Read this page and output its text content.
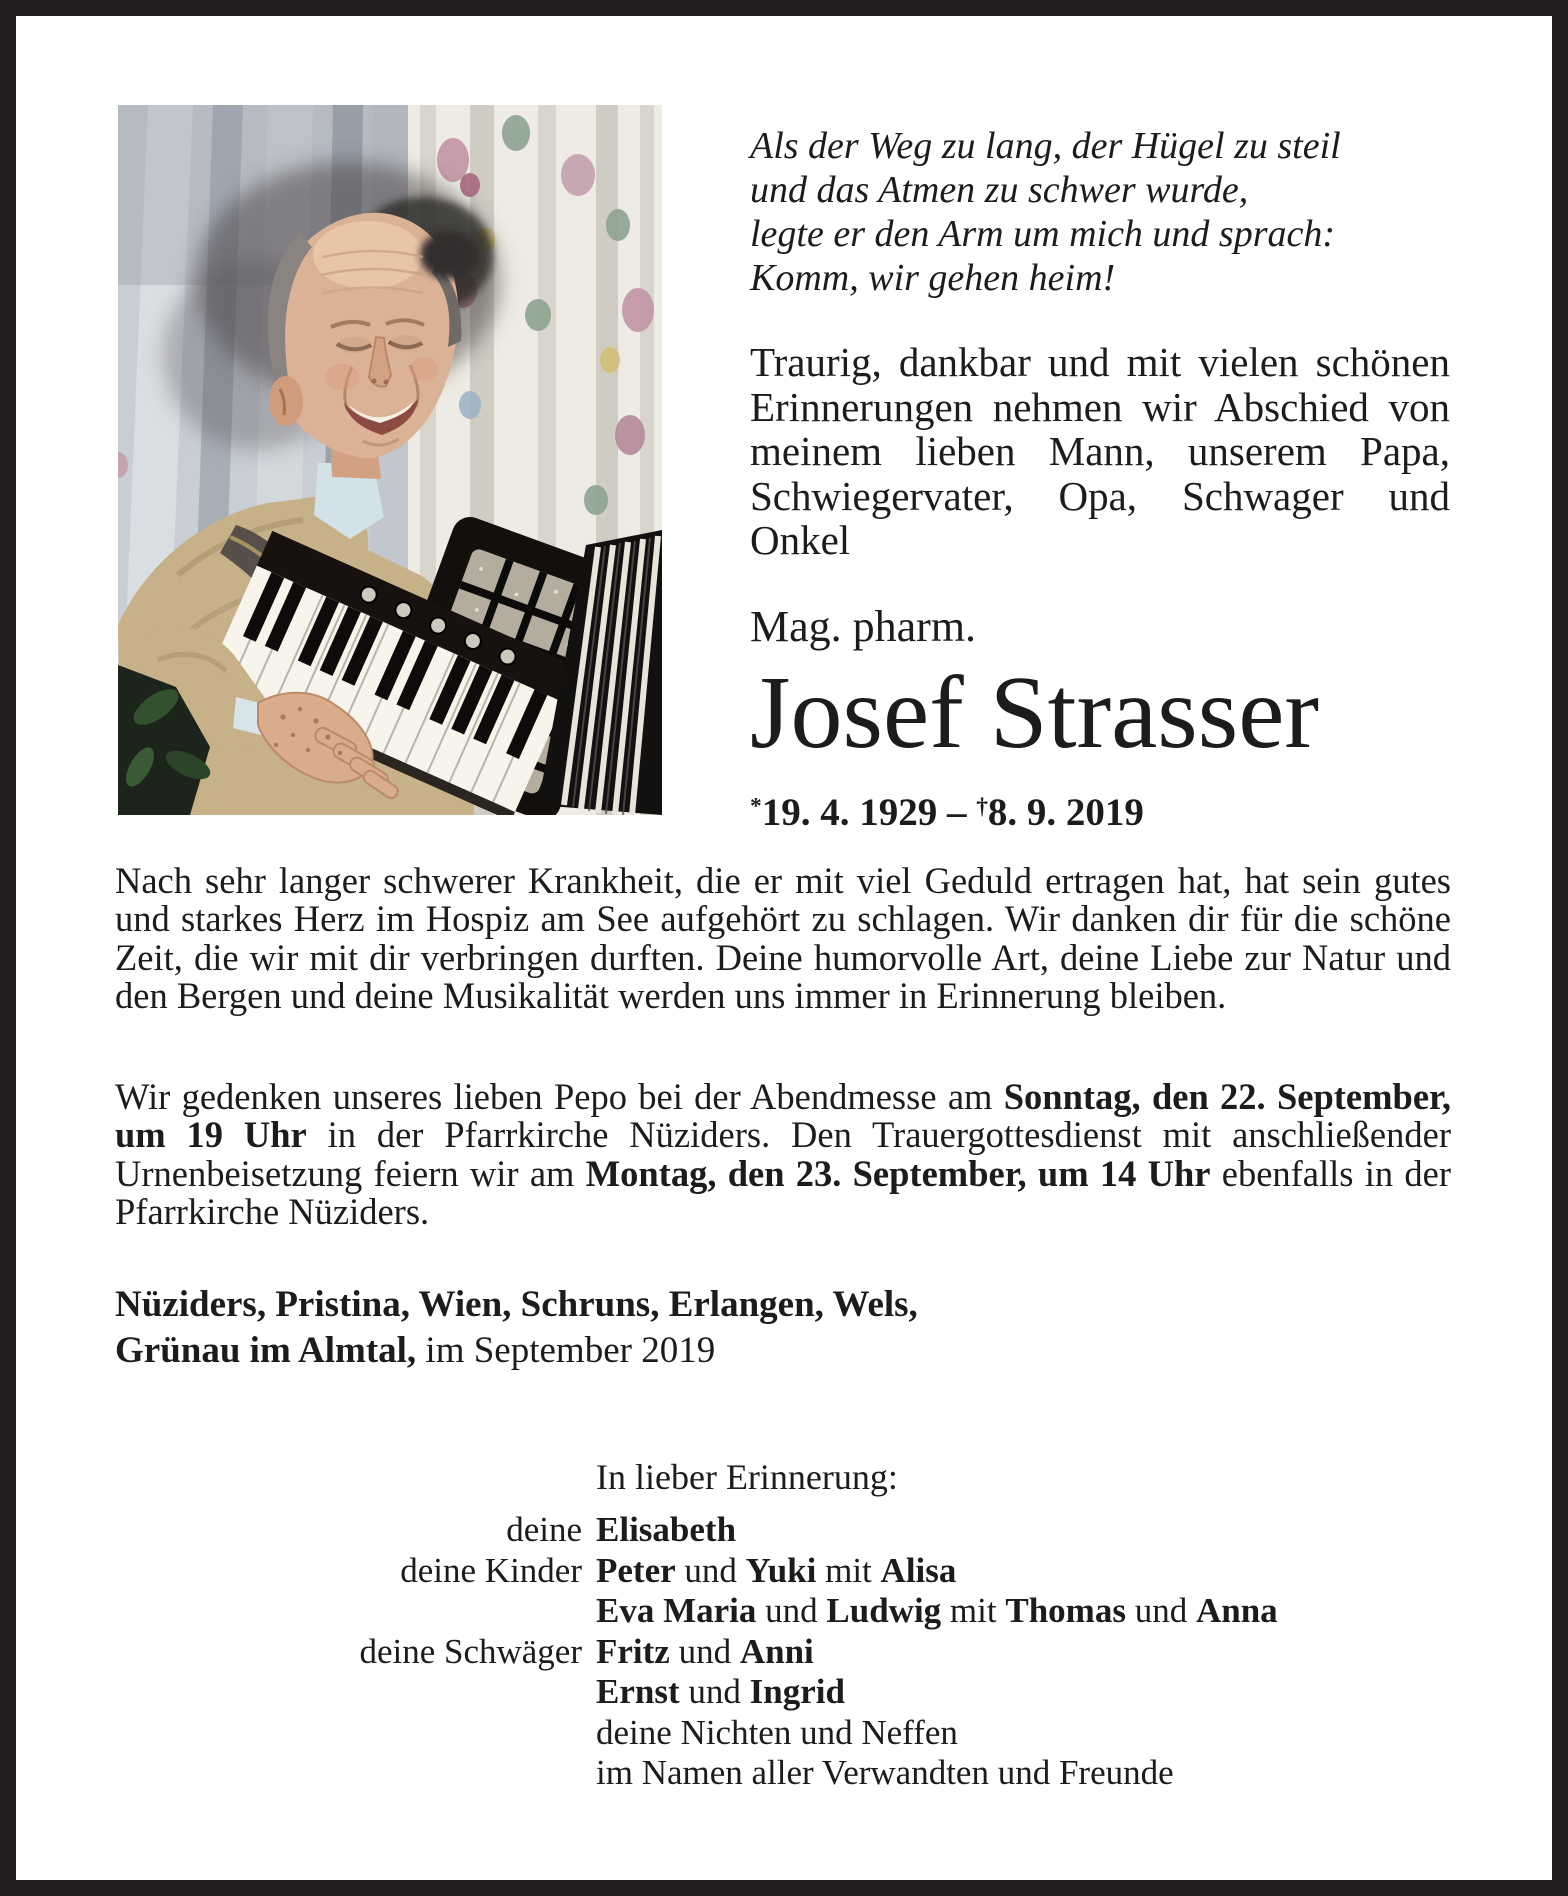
Als der Weg zu lang, der Hügel zu steil
und das Atmen zu schwer wurde,
legte er den Arm um mich und sprach:
Komm, wir gehen heim!

Traurig, dankbar und mit vielen schönen Erinnerungen nehmen wir Abschied von meinem lieben Mann, unserem Papa, Schwiegervater, Opa, Schwager und Onkel

Mag. pharm.
Josef Strasser
*19. 4. 1929 – †8. 9. 2019

Nach sehr langer schwerer Krankheit, die er mit viel Geduld ertragen hat, hat sein gutes und starkes Herz im Hospiz am See aufgehört zu schlagen. Wir danken dir für die schöne Zeit, die wir mit dir verbringen durften. Deine humorvolle Art, deine Liebe zur Natur und den Bergen und deine Musikalität werden uns immer in Erinnerung bleiben.

Wir gedenken unseres lieben Pepo bei der Abendmesse am Sonntag, den 22. September, um 19 Uhr in der Pfarrkirche Nüziders. Den Trauergottesdienst mit anschließender Urnenbeisetzung feiern wir am Montag, den 23. September, um 14 Uhr ebenfalls in der Pfarrkirche Nüziders.

Nüziders, Pristina, Wien, Schruns, Erlangen, Wels,
Grünau im Almtal, im September 2019
In lieber Erinnerung:
deine Elisabeth
deine Kinder Peter und Yuki mit Alisa
Eva Maria und Ludwig mit Thomas und Anna
deine Schwäger Fritz und Anni
Ernst und Ingrid
deine Nichten und Neffen
im Namen aller Verwandten und Freunde
